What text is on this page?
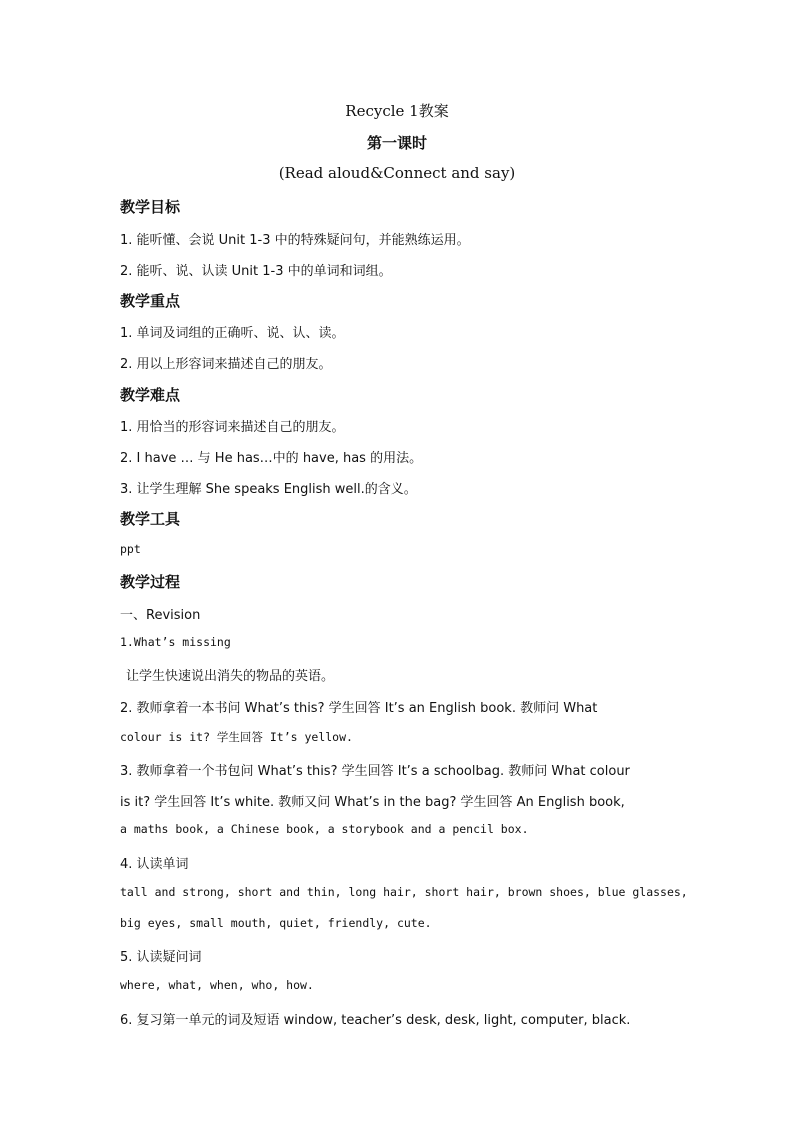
Recycle 1教案
第一课时
(Read aloud&Connect and say)
教学目标
1. 能听懂、会说 Unit 1-3 中的特殊疑问句，并能熟练运用。
2. 能听、说、认读 Unit 1-3 中的单词和词组。
教学重点
1. 单词及词组的正确听、说、认、读。
2. 用以上形容词来描述自己的朋友。
教学难点
1. 用恰当的形容词来描述自己的朋友。
2. I have … 与 He has…中的 have, has 的用法。
3. 让学生理解 She speaks English well.的含义。
教学工具
ppt
教学过程
一、Revision
1.What’s missing
让学生快速说出消失的物品的英语。
2. 教师拿着一本书问 What’s this? 学生回答 It’s an English book. 教师问 What
colour is it? 学生回答 It’s yellow.
3. 教师拿着一个书包问 What’s this? 学生回答 It’s a schoolbag. 教师问 What colour
is it? 学生回答 It’s white. 教师又问 What’s in the bag? 学生回答 An English book,
a maths book, a Chinese book, a storybook and a pencil box.
4. 认读单词
tall and strong, short and thin, long hair, short hair, brown shoes, blue glasses,
big eyes, small mouth, quiet, friendly, cute.
5. 认读疑问词
where, what, when, who, how.
6. 复习第一单元的词及短语 window, teacher’s desk, desk, light, computer, black.
